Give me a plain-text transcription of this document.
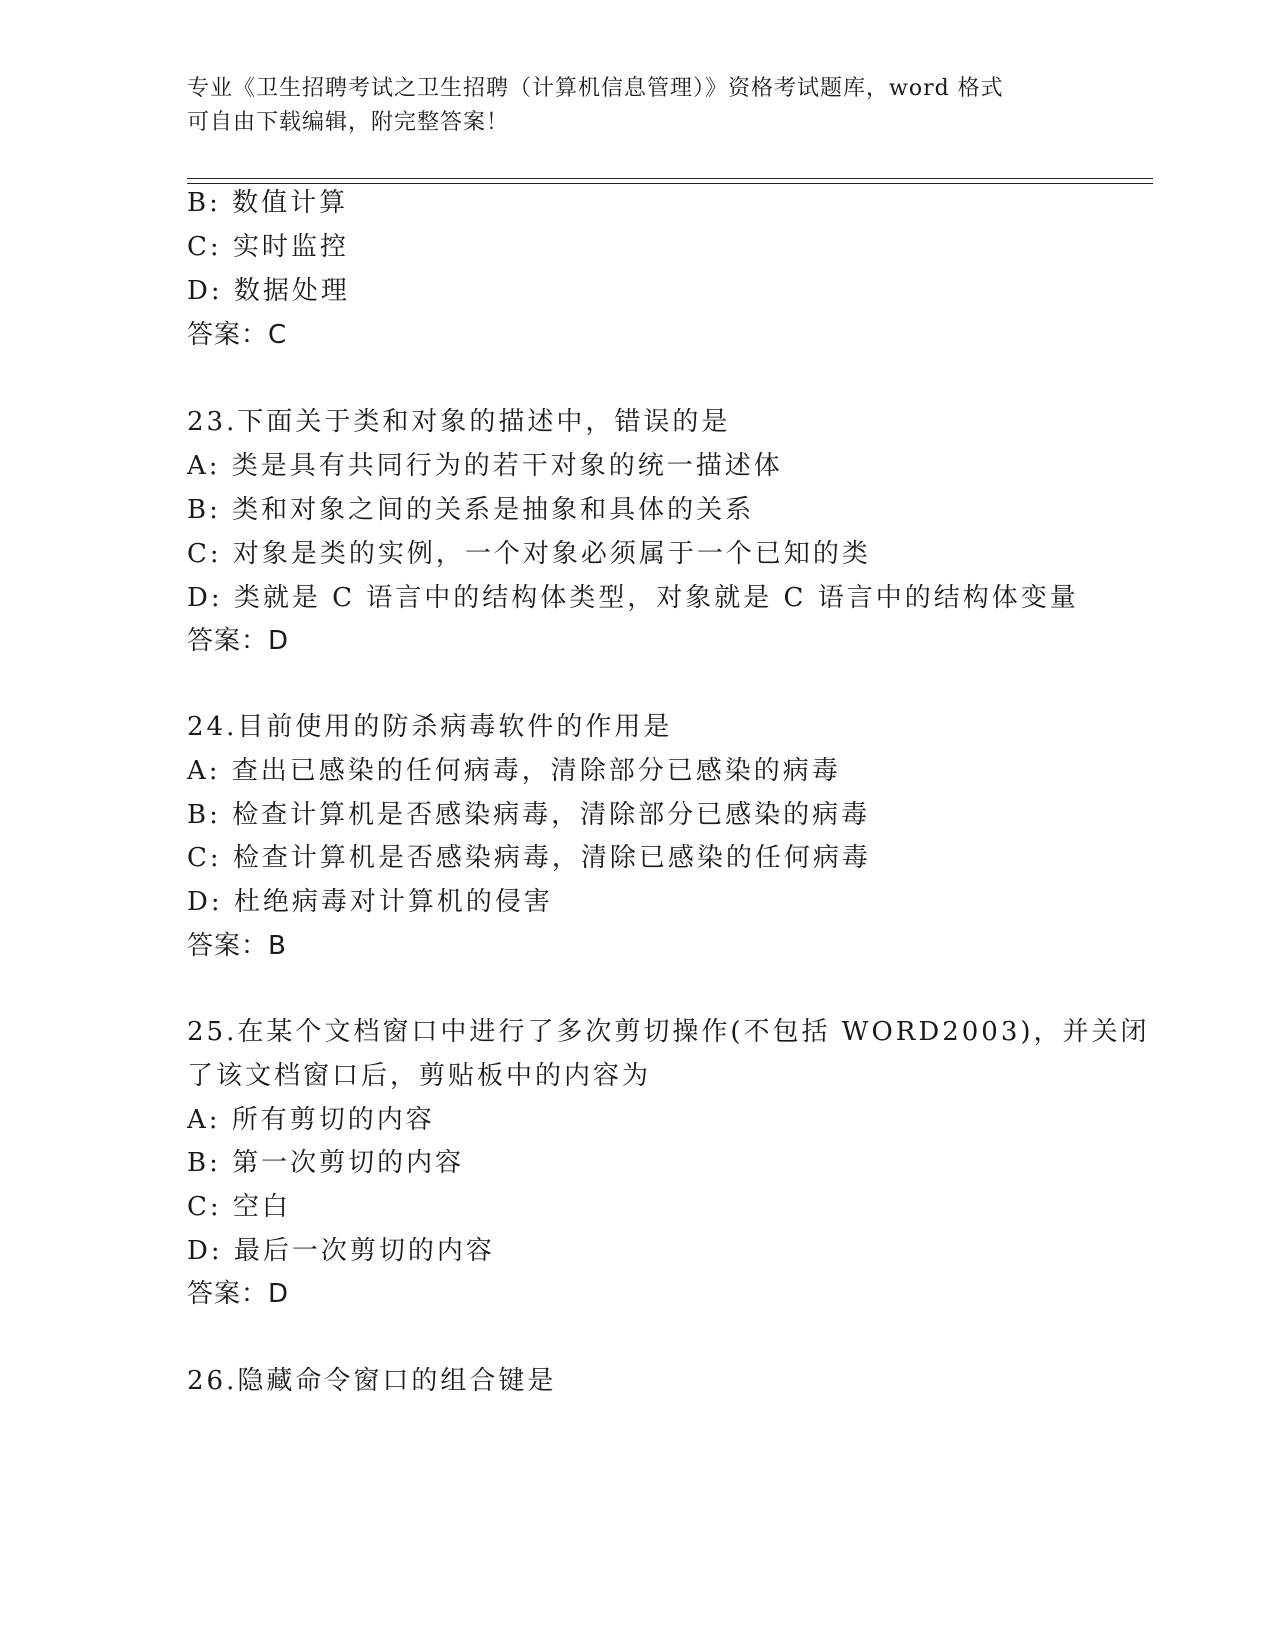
专业《卫生招聘考试之卫生招聘（计算机信息管理）》资格考试题库，word 格式
可自由下载编辑，附完整答案！
B: 数值计算
C: 实时监控
D: 数据处理
答案：C
23.下面关于类和对象的描述中，错误的是
A: 类是具有共同行为的若干对象的统一描述体
B: 类和对象之间的关系是抽象和具体的关系
C: 对象是类的实例，一个对象必须属于一个已知的类
D: 类就是 C 语言中的结构体类型，对象就是 C 语言中的结构体变量
答案：D
24.目前使用的防杀病毒软件的作用是
A: 查出已感染的任何病毒，清除部分已感染的病毒
B: 检查计算机是否感染病毒，清除部分已感染的病毒
C: 检查计算机是否感染病毒，清除已感染的任何病毒
D: 杜绝病毒对计算机的侵害
答案：B
25.在某个文档窗口中进行了多次剪切操作(不包括 WORD2003)，并关闭
了该文档窗口后，剪贴板中的内容为
A: 所有剪切的内容
B: 第一次剪切的内容
C: 空白
D: 最后一次剪切的内容
答案：D
26.隐藏命令窗口的组合键是
